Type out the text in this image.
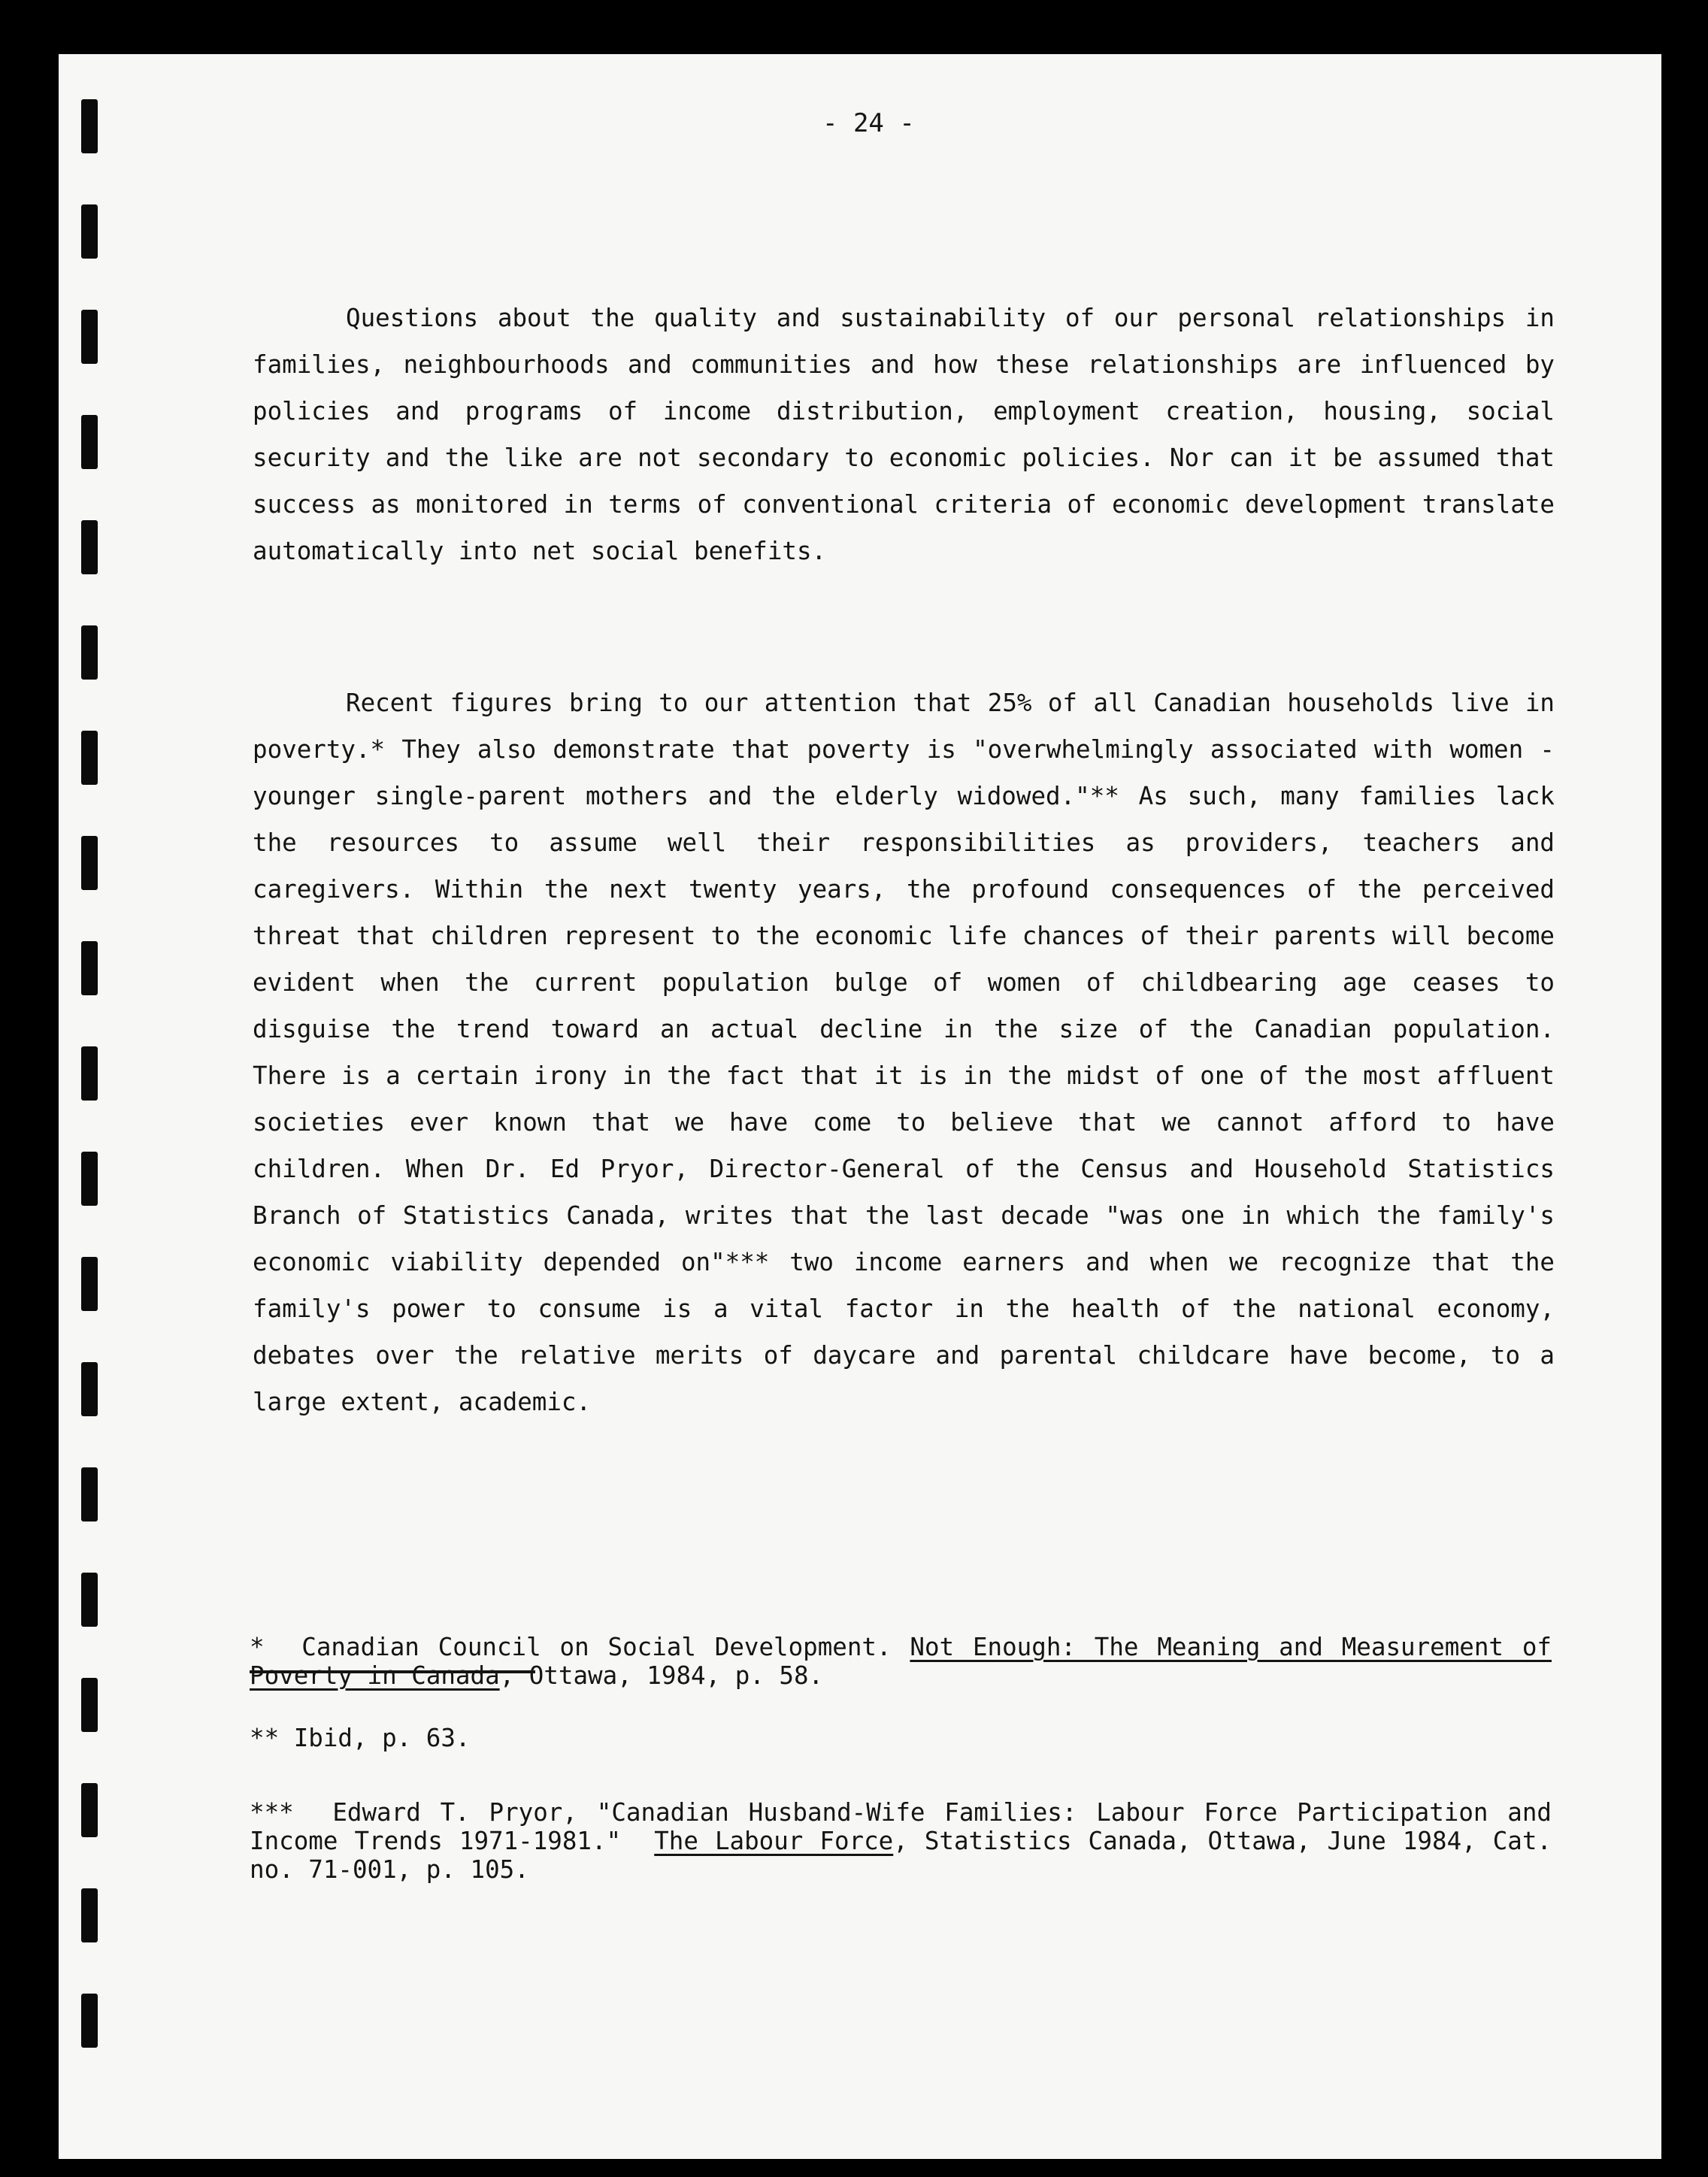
- 24 -

Questions about the quality and sustainability of our personal relationships in families, neighbourhoods and communities and how these relationships are influenced by policies and programs of income distribution, employment creation, housing, social security and the like are not secondary to economic policies. Nor can it be assumed that success as monitored in terms of conventional criteria of economic development translate automatically into net social benefits.

Recent figures bring to our attention that 25% of all Canadian households live in poverty.* They also demonstrate that poverty is "overwhelmingly associated with women - younger single-parent mothers and the elderly widowed."** As such, many families lack the resources to assume well their responsibilities as providers, teachers and caregivers. Within the next twenty years, the profound consequences of the perceived threat that children represent to the economic life chances of their parents will become evident when the current population bulge of women of childbearing age ceases to disguise the trend toward an actual decline in the size of the Canadian population. There is a certain irony in the fact that it is in the midst of one of the most affluent societies ever known that we have come to believe that we cannot afford to have children. When Dr. Ed Pryor, Director-General of the Census and Household Statistics Branch of Statistics Canada, writes that the last decade "was one in which the family's economic viability depended on"*** two income earners and when we recognize that the family's power to consume is a vital factor in the health of the national economy, debates over the relative merits of daycare and parental childcare have become, to a large extent, academic.

* Canadian Council on Social Development. Not Enough: The Meaning and Measurement of Poverty in Canada, Ottawa, 1984, p. 58.

** Ibid, p. 63.

*** Edward T. Pryor, "Canadian Husband-Wife Families: Labour Force Participation and Income Trends 1971-1981." The Labour Force, Statistics Canada, Ottawa, June 1984, Cat. no. 71-001, p. 105.
